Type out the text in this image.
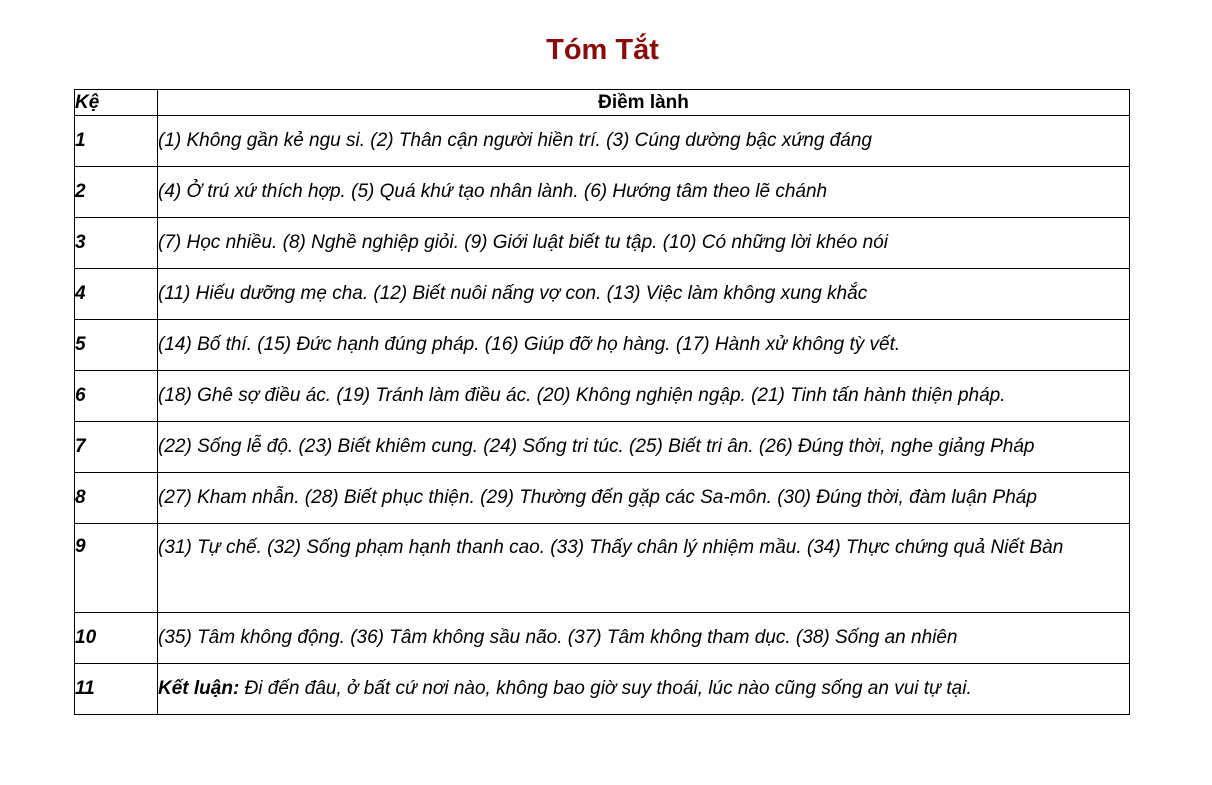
Tóm Tắt
Kệ	Điềm lành
1	(1) Không gần kẻ ngu si. (2) Thân cận người hiền trí. (3) Cúng dường bậc xứng đáng
2	(4) Ở trú xứ thích hợp. (5) Quá khứ tạo nhân lành. (6) Hướng tâm theo lẽ chánh
3	(7) Học nhiều. (8) Nghề nghiệp giỏi. (9) Giới luật biết tu tập. (10) Có những lời khéo nói
4	(11) Hiếu dưỡng mẹ cha. (12) Biết nuôi nấng vợ con. (13) Việc làm không xung khắc
5	(14) Bố thí. (15) Đức hạnh đúng pháp. (16) Giúp đỡ họ hàng. (17) Hành xử không tỳ vết.
6	(18) Ghê sợ điều ác. (19) Tránh làm điều ác. (20) Không nghiện ngập. (21) Tinh tấn hành thiện pháp.
7	(22) Sống lễ độ. (23) Biết khiêm cung. (24) Sống tri túc. (25) Biết tri ân. (26) Đúng thời, nghe giảng Pháp
8	(27) Kham nhẫn. (28) Biết phục thiện. (29) Thường đến gặp các Sa-môn. (30) Đúng thời, đàm luận Pháp
9	(31) Tự chế. (32) Sống phạm hạnh thanh cao. (33) Thấy chân lý nhiệm mầu. (34) Thực chứng quả Niết Bàn
10	(35) Tâm không động. (36) Tâm không sầu não. (37) Tâm không tham dục. (38) Sống an nhiên
11	Kết luận: Đi đến đâu, ở bất cứ nơi nào, không bao giờ suy thoái, lúc nào cũng sống an vui tự tại.
